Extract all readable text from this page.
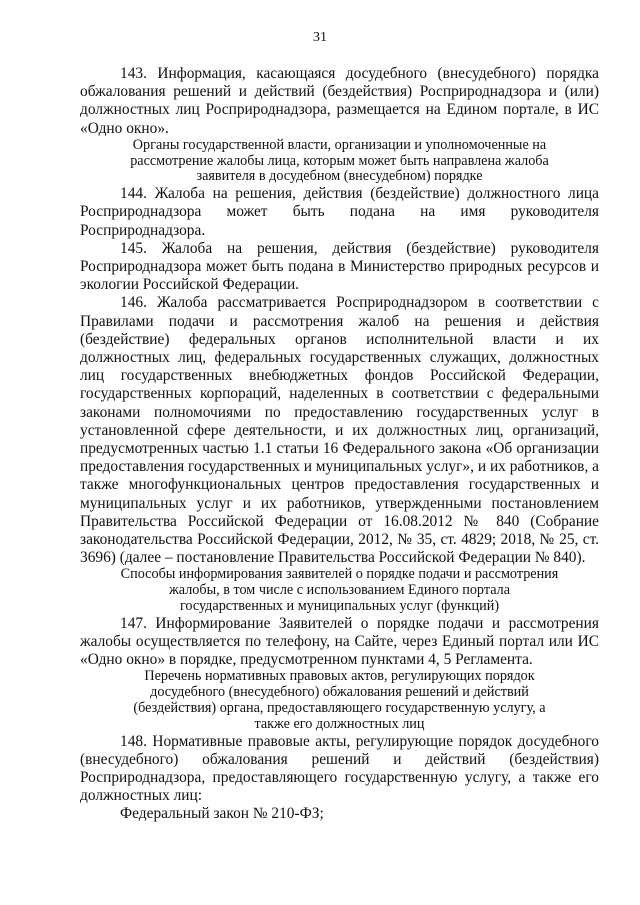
31

143. Информация, касающаяся досудебного (внесудебного) порядка обжалования решений и действий (бездействия) Росприроднадзора и (или) должностных лиц Росприроднадзора, размещается на Едином портале, в ИС «Одно окно».

Органы государственной власти, организации и уполномоченные на рассмотрение жалобы лица, которым может быть направлена жалоба заявителя в досудебном (внесудебном) порядке

144. Жалоба на решения, действия (бездействие) должностного лица Росприроднадзора может быть подана на имя руководителя Росприроднадзора.

145. Жалоба на решения, действия (бездействие) руководителя Росприроднадзора может быть подана в Министерство природных ресурсов и экологии Российской Федерации.

146. Жалоба рассматривается Росприроднадзором в соответствии с Правилами подачи и рассмотрения жалоб на решения и действия (бездействие) федеральных органов исполнительной власти и их должностных лиц, федеральных государственных служащих, должностных лиц государственных внебюджетных фондов Российской Федерации, государственных корпораций, наделенных в соответствии с федеральными законами полномочиями по предоставлению государственных услуг в установленной сфере деятельности, и их должностных лиц, организаций, предусмотренных частью 1.1 статьи 16 Федерального закона «Об организации предоставления государственных и муниципальных услуг», и их работников, а также многофункциональных центров предоставления государственных и муниципальных услуг и их работников, утвержденными постановлением Правительства Российской Федерации от 16.08.2012 № 840 (Собрание законодательства Российской Федерации, 2012, № 35, ст. 4829; 2018, № 25, ст. 3696) (далее – постановление Правительства Российской Федерации № 840).

Способы информирования заявителей о порядке подачи и рассмотрения жалобы, в том числе с использованием Единого портала государственных и муниципальных услуг (функций)

147. Информирование Заявителей о порядке подачи и рассмотрения жалобы осуществляется по телефону, на Сайте, через Единый портал или ИС «Одно окно» в порядке, предусмотренном пунктами 4, 5 Регламента.

Перечень нормативных правовых актов, регулирующих порядок досудебного (внесудебного) обжалования решений и действий (бездействия) органа, предоставляющего государственную услугу, а также его должностных лиц

148. Нормативные правовые акты, регулирующие порядок досудебного (внесудебного) обжалования решений и действий (бездействия) Росприроднадзора, предоставляющего государственную услугу, а также его должностных лиц:

Федеральный закон № 210-ФЗ;
